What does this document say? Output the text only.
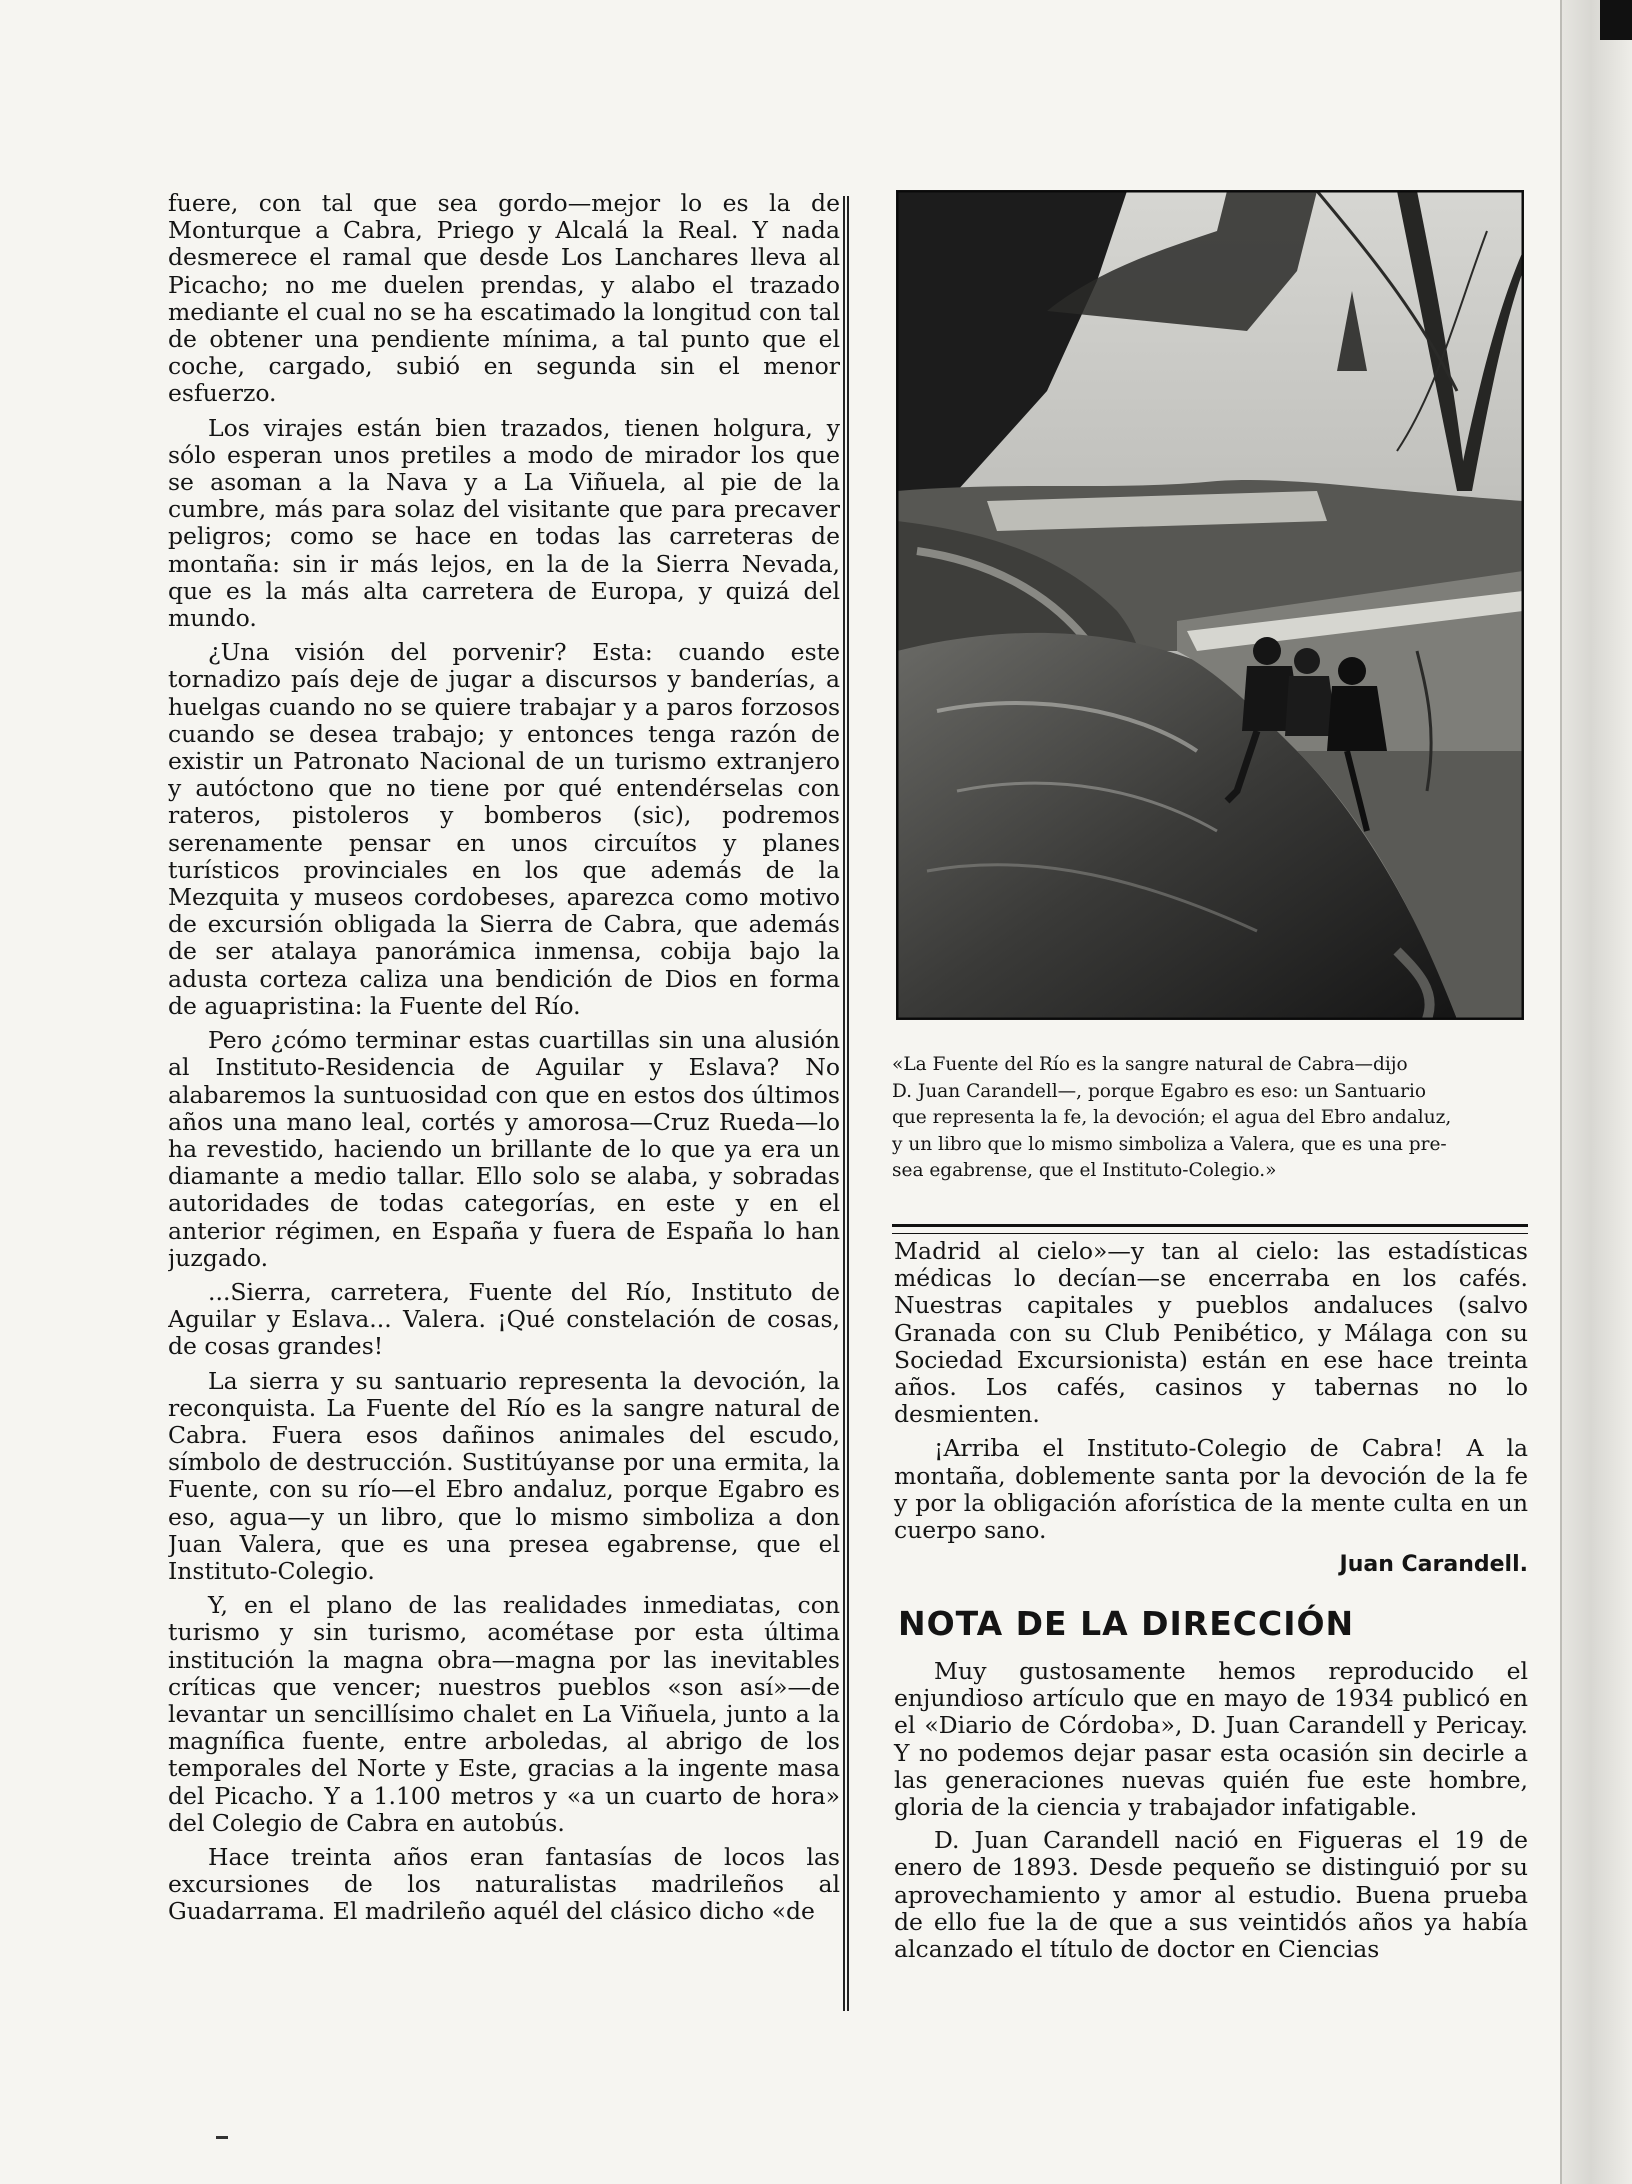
fuere, con tal que sea gordo—mejor lo es la de Monturque a Cabra, Priego y Alcalá la Real. Y nada desmerece el ramal que desde Los Lanchares lleva al Picacho; no me duelen prendas, y alabo el trazado mediante el cual no se ha escatimado la longitud con tal de obtener una pendiente mínima, a tal punto que el coche, cargado, subió en segunda sin el menor esfuerzo.

Los virajes están bien trazados, tienen holgura, y sólo esperan unos pretiles a modo de mirador los que se asoman a la Nava y a La Viñuela, al pie de la cumbre, más para solaz del visitante que para precaver peligros; como se hace en todas las carreteras de montaña: sin ir más lejos, en la de la Sierra Nevada, que es la más alta carretera de Europa, y quizá del mundo.

¿Una visión del porvenir? Esta: cuando este tornadizo país deje de jugar a discursos y banderías, a huelgas cuando no se quiere trabajar y a paros forzosos cuando se desea trabajo; y entonces tenga razón de existir un Patronato Nacional de un turismo extranjero y autóctono que no tiene por qué entendérselas con rateros, pistoleros y bomberos (sic), podremos serenamente pensar en unos circuítos y planes turísticos provinciales en los que además de la Mezquita y museos cordobeses, aparezca como motivo de excursión obligada la Sierra de Cabra, que además de ser atalaya panorámica inmensa, cobija bajo la adusta corteza caliza una bendición de Dios en forma de aguapristina: la Fuente del Río.

Pero ¿cómo terminar estas cuartillas sin una alusión al Instituto-Residencia de Aguilar y Eslava? No alabaremos la suntuosidad con que en estos dos últimos años una mano leal, cortés y amorosa—Cruz Rueda—lo ha revestido, haciendo un brillante de lo que ya era un diamante a medio tallar. Ello solo se alaba, y sobradas autoridades de todas categorías, en este y en el anterior régimen, en España y fuera de España lo han juzgado.

...Sierra, carretera, Fuente del Río, Instituto de Aguilar y Eslava... Valera. ¡Qué constelación de cosas, de cosas grandes!

La sierra y su santuario representa la devoción, la reconquista. La Fuente del Río es la sangre natural de Cabra. Fuera esos dañinos animales del escudo, símbolo de destrucción. Sustitúyanse por una ermita, la Fuente, con su río—el Ebro andaluz, porque Egabro es eso, agua—y un libro, que lo mismo simboliza a don Juan Valera, que es una presea egabrense, que el Instituto-Colegio.

Y, en el plano de las realidades inmediatas, con turismo y sin turismo, acométase por esta última institución la magna obra—magna por las inevitables críticas que vencer; nuestros pueblos «son así»—de levantar un sencillísimo chalet en La Viñuela, junto a la magnífica fuente, entre arboledas, al abrigo de los temporales del Norte y Este, gracias a la ingente masa del Picacho. Y a 1.100 metros y «a un cuarto de hora» del Colegio de Cabra en autobús.

Hace treinta años eran fantasías de locos las excursiones de los naturalistas madrileños al Guadarrama. El madrileño aquél del clásico dicho «de

«La Fuente del Río es la sangre natural de Cabra—dijo
D. Juan Carandell—, porque Egabro es eso: un Santuario
que representa la fe, la devoción; el agua del Ebro andaluz,
y un libro que lo mismo simboliza a Valera, que es una pre-
sea egabrense, que el Instituto-Colegio.»

Madrid al cielo»—y tan al cielo: las estadísticas médicas lo decían—se encerraba en los cafés. Nuestras capitales y pueblos andaluces (salvo Granada con su Club Penibético, y Málaga con su Sociedad Excursionista) están en ese hace treinta años. Los cafés, casinos y tabernas no lo desmienten.

¡Arriba el Instituto-Colegio de Cabra! A la montaña, doblemente santa por la devoción de la fe y por la obligación aforística de la mente culta en un cuerpo sano.

Juan Carandell.
NOTA DE LA DIRECCIÓN

Muy gustosamente hemos reproducido el enjundioso artículo que en mayo de 1934 publicó en el «Diario de Córdoba», D. Juan Carandell y Pericay. Y no podemos dejar pasar esta ocasión sin decirle a las generaciones nuevas quién fue este hombre, gloria de la ciencia y trabajador infatigable.

D. Juan Carandell nació en Figueras el 19 de enero de 1893. Desde pequeño se distinguió por su aprovechamiento y amor al estudio. Buena prueba de ello fue la de que a sus veintidós años ya había alcanzado el título de doctor en Ciencias
